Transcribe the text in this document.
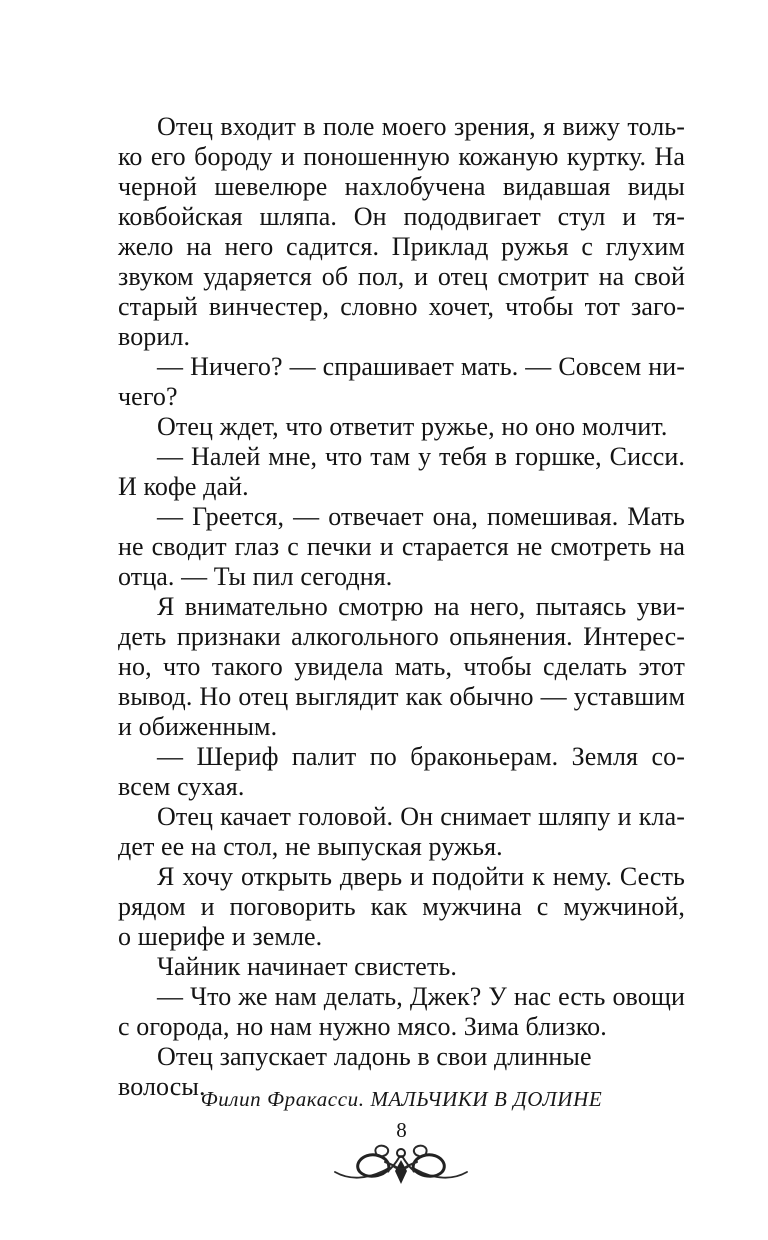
Отец входит в поле моего зрения, я вижу толь-
ко его бороду и поношенную кожаную куртку. На
черной шевелюре нахлобучена видавшая виды
ковбойская шляпа. Он пододвигает стул и тя-
жело на него садится. Приклад ружья с глухим
звуком ударяется об пол, и отец смотрит на свой
старый винчестер, словно хочет, чтобы тот заго-
ворил.
— Ничего? — спрашивает мать. — Совсем ни-
чего?
Отец ждет, что ответит ружье, но оно молчит.
— Налей мне, что там у тебя в горшке, Сисси.
И кофе дай.
— Греется, — отвечает она, помешивая. Мать
не сводит глаз с печки и старается не смотреть на
отца. — Ты пил сегодня.
Я внимательно смотрю на него, пытаясь уви-
деть признаки алкогольного опьянения. Интерес-
но, что такого увидела мать, чтобы сделать этот
вывод. Но отец выглядит как обычно — уставшим
и обиженным.
— Шериф палит по браконьерам. Земля со-
всем сухая.
Отец качает головой. Он снимает шляпу и кла-
дет ее на стол, не выпуская ружья.
Я хочу открыть дверь и подойти к нему. Сесть
рядом и поговорить как мужчина с мужчиной,
о шерифе и земле.
Чайник начинает свистеть.
— Что же нам делать, Джек? У нас есть овощи
с огорода, но нам нужно мясо. Зима близко.
Отец запускает ладонь в свои длинные волосы.
Филип Фракасси. МАЛЬЧИКИ В ДОЛИНЕ
8
